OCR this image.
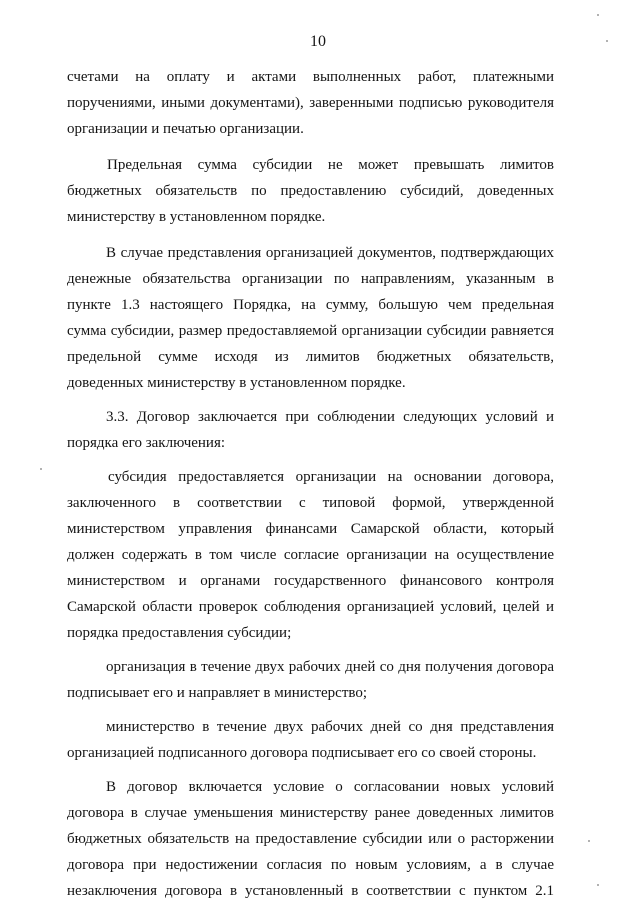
10
счетами на оплату и актами выполненных работ, платежными
поручениями, иными документами), заверенными подписью руководителя
организации и печатью организации.
Предельная сумма субсидии не может превышать лимитов
бюджетных обязательств по предоставлению субсидий, доведенных
министерству в установленном порядке.
В случае представления организацией документов, подтверждающих
денежные обязательства организации по направлениям, указанным в
пункте 1.3 настоящего Порядка, на сумму, большую чем предельная
сумма субсидии, размер предоставляемой организации субсидии равняется
предельной сумме исходя из лимитов бюджетных обязательств,
доведенных министерству в установленном порядке.
3.3. Договор заключается при соблюдении следующих условий и
порядка его заключения:
субсидия предоставляется организации на основании договора,
заключенного в соответствии с типовой формой, утвержденной
министерством управления финансами Самарской области, который
должен содержать в том числе согласие организации на осуществление
министерством и органами государственного финансового контроля
Самарской области проверок соблюдения организацией условий, целей и
порядка предоставления субсидии;
организация в течение двух рабочих дней со дня получения договора
подписывает его и направляет в министерство;
министерство в течение двух рабочих дней со дня представления
организацией подписанного договора подписывает его со своей стороны.
В договор включается условие о согласовании новых условий
договора в случае уменьшения министерству ранее доведенных лимитов
бюджетных обязательств на предоставление субсидии или о расторжении
договора при недостижении согласия по новым условиям, а в случае
незаключения договора в установленный в соответствии с пунктом 2.1
